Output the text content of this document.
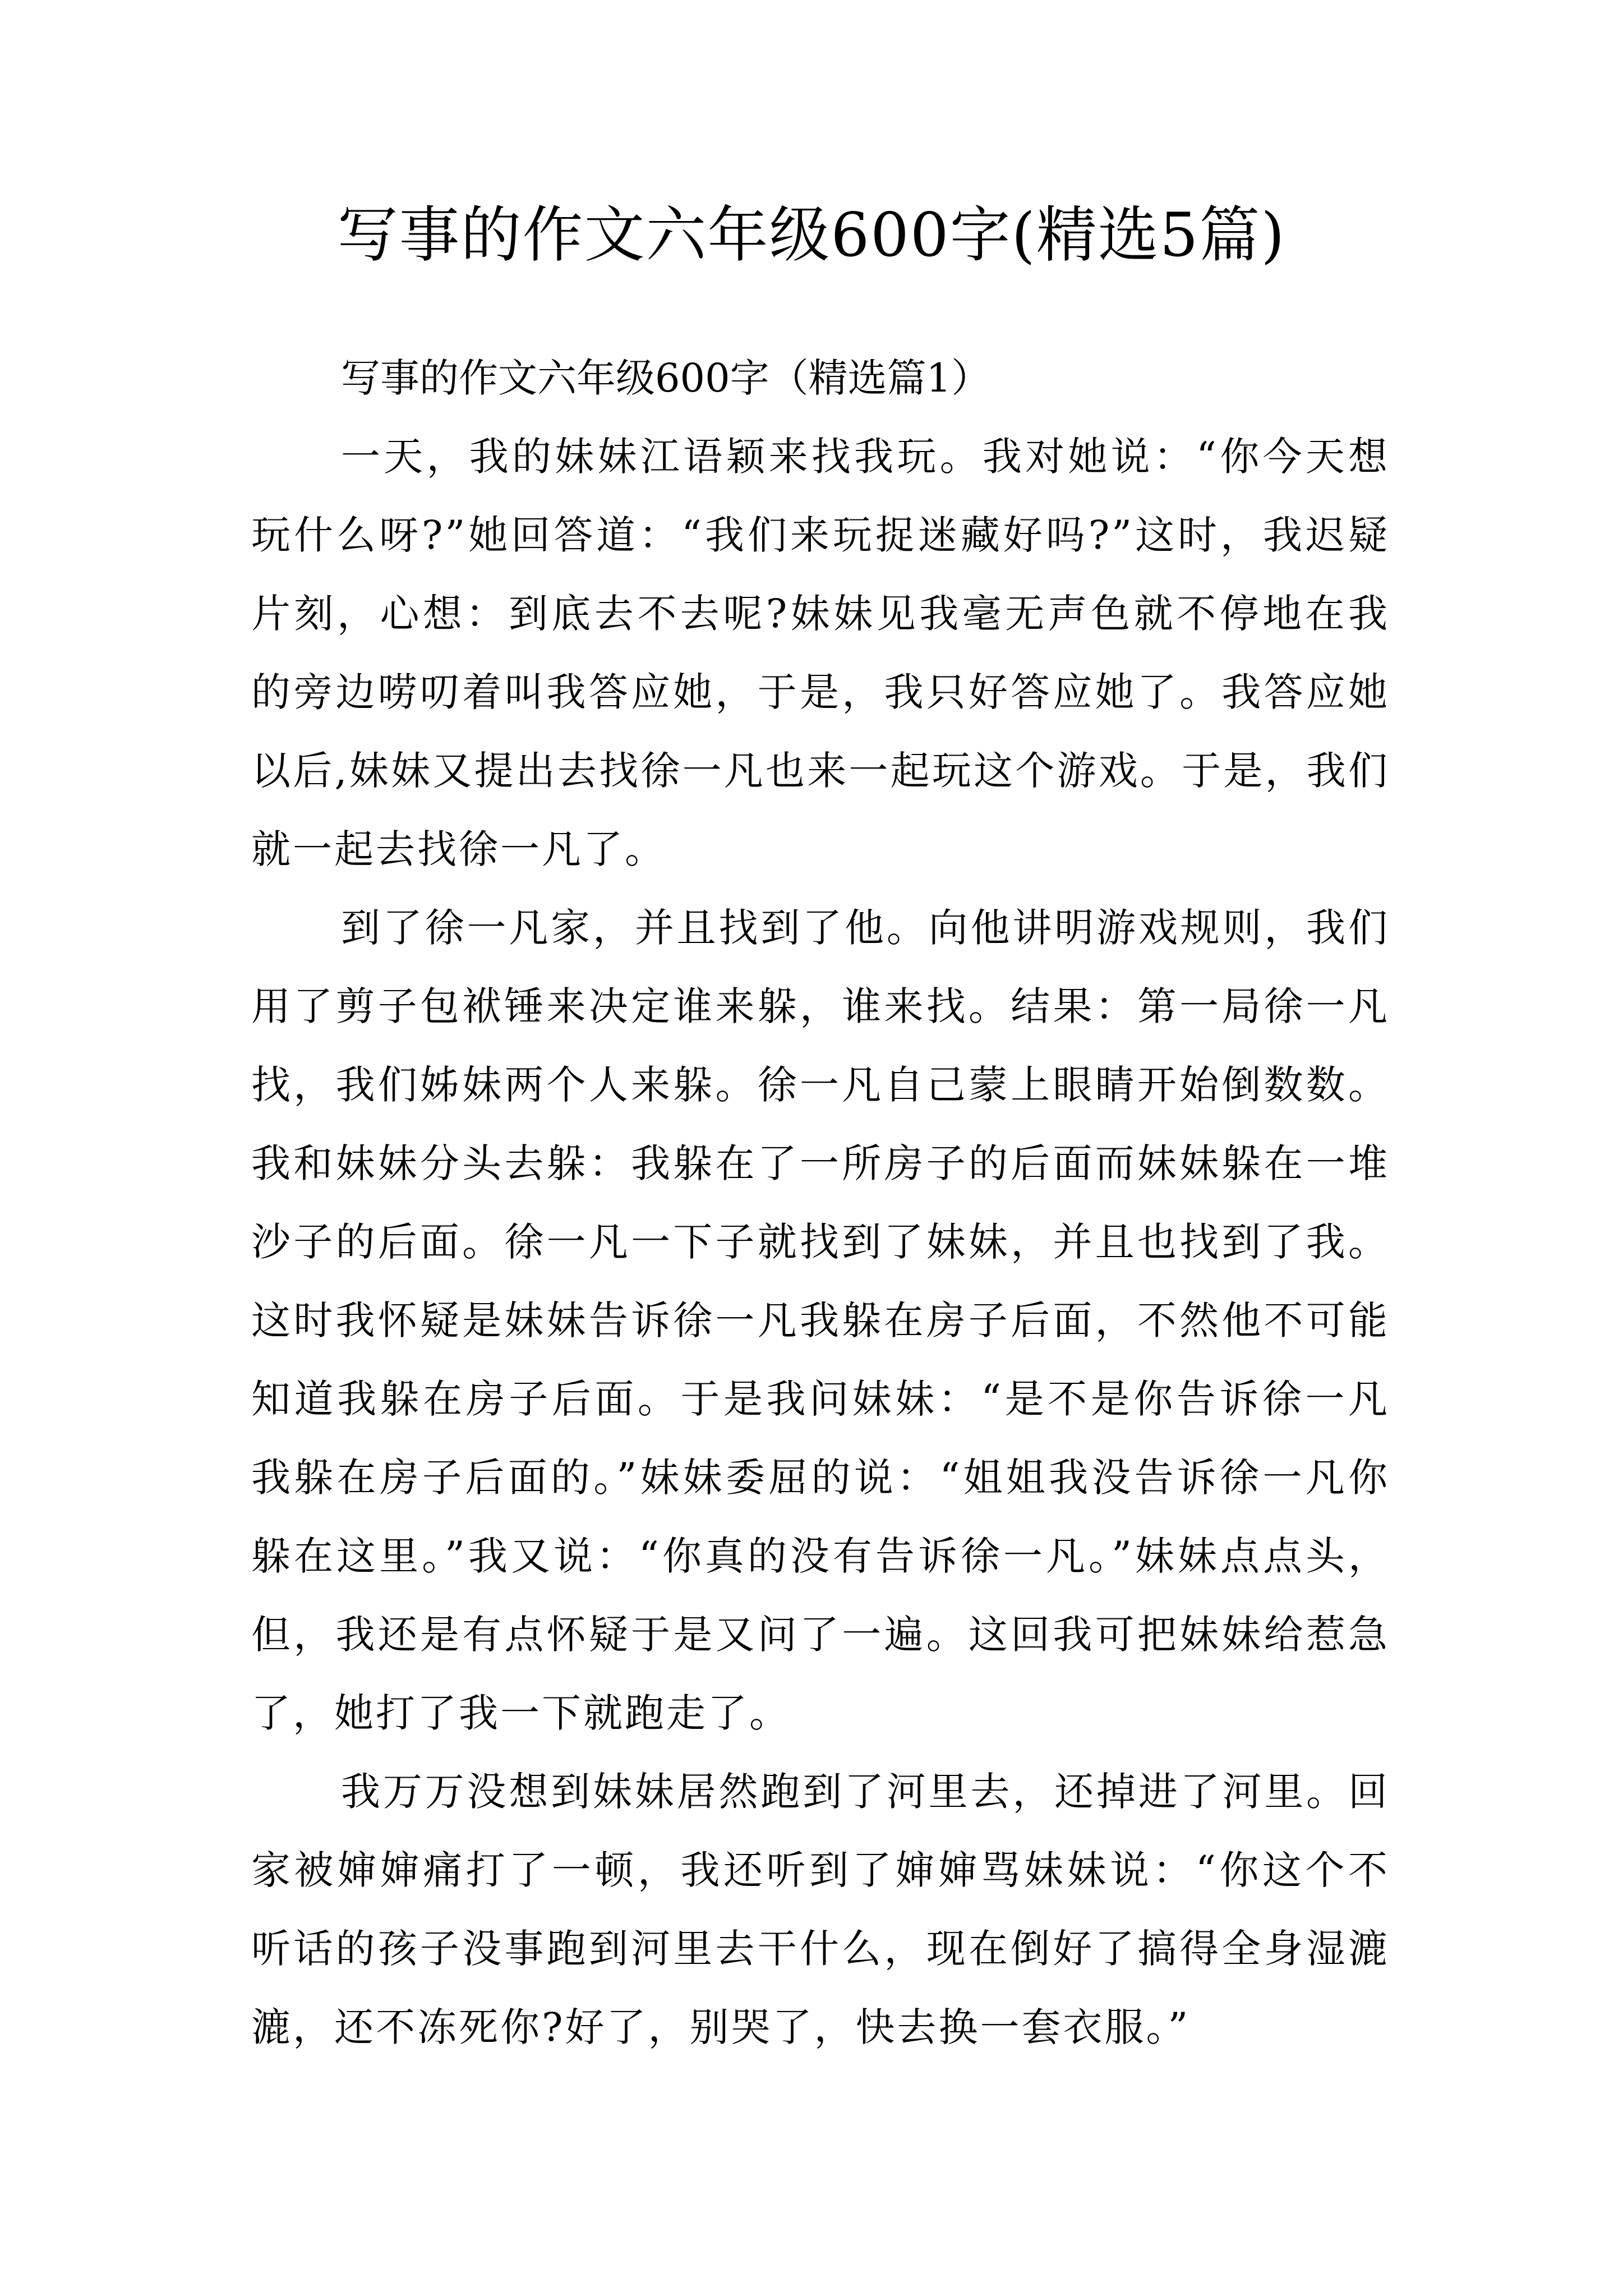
写事的作文六年级600字(精选5篇)

写事的作文六年级600字（精选篇1）

一天，我的妹妹江语颖来找我玩。我对她说：“你今天想玩什么呀?”她回答道：“我们来玩捉迷藏好吗?”这时，我迟疑片刻，心想：到底去不去呢?妹妹见我毫无声色就不停地在我的旁边唠叨着叫我答应她，于是，我只好答应她了。我答应她以后,妹妹又提出去找徐一凡也来一起玩这个游戏。于是，我们就一起去找徐一凡了。

到了徐一凡家，并且找到了他。向他讲明游戏规则，我们用了剪子包袱锤来决定谁来躲，谁来找。结果：第一局徐一凡找，我们姊妹两个人来躲。徐一凡自己蒙上眼睛开始倒数数。我和妹妹分头去躲：我躲在了一所房子的后面而妹妹躲在一堆沙子的后面。徐一凡一下子就找到了妹妹，并且也找到了我。这时我怀疑是妹妹告诉徐一凡我躲在房子后面，不然他不可能知道我躲在房子后面。于是我问妹妹：“是不是你告诉徐一凡我躲在房子后面的。”妹妹委屈的说：“姐姐我没告诉徐一凡你躲在这里。”我又说：“你真的没有告诉徐一凡。”妹妹点点头，但，我还是有点怀疑于是又问了一遍。这回我可把妹妹给惹急了，她打了我一下就跑走了。

我万万没想到妹妹居然跑到了河里去，还掉进了河里。回家被婶婶痛打了一顿，我还听到了婶婶骂妹妹说：“你这个不听话的孩子没事跑到河里去干什么，现在倒好了搞得全身湿漉漉，还不冻死你?好了，别哭了，快去换一套衣服。”
